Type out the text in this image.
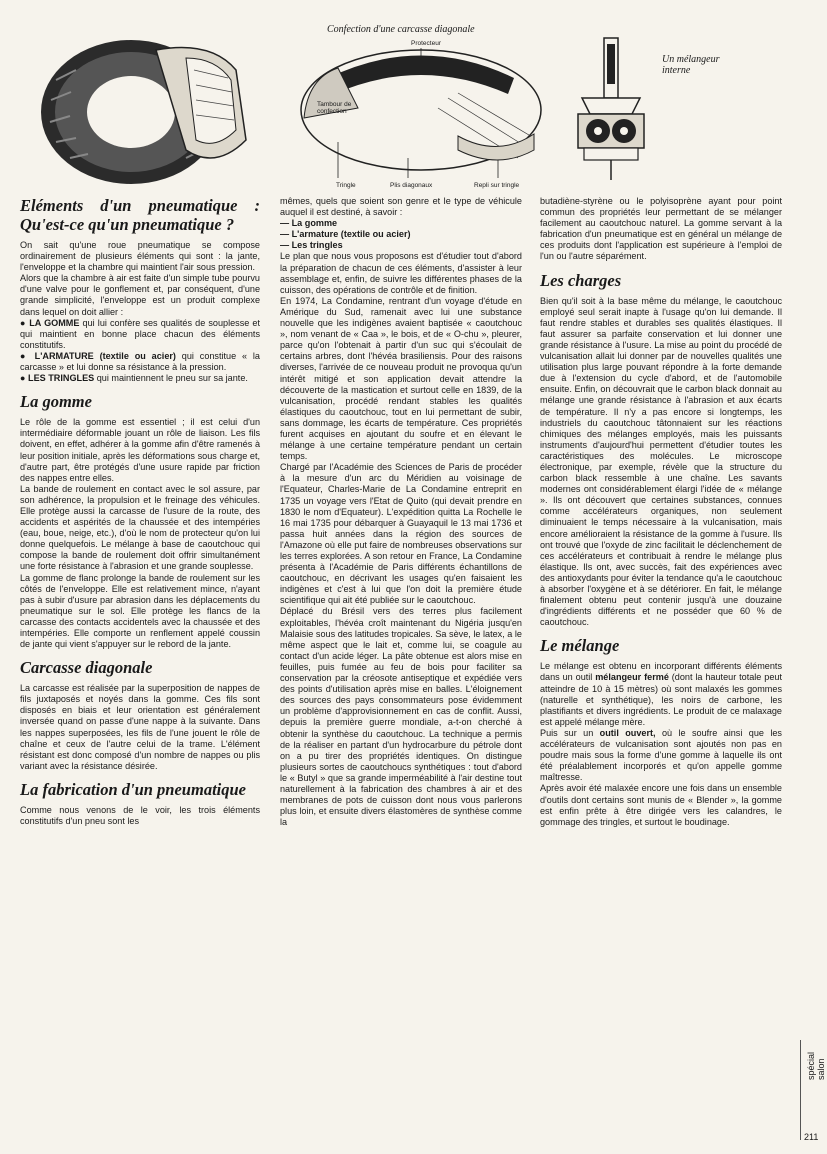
Confection d'une carcasse diagonale
Protecteur
Tambour de confection
Tringle	Plis diagonaux	Repli sur tringle
Un mélangeur interne
Eléments d'un pneumatique : Qu'est-ce qu'un pneumatique ?

On sait qu'une roue pneumatique se compose ordinairement de plusieurs éléments qui sont : la jante, l'enveloppe et la chambre qui maintient l'air sous pression.

Alors que la chambre à air est faite d'un simple tube pourvu d'une valve pour le gonflement et, par conséquent, d'une grande simplicité, l'enveloppe est un produit complexe dans lequel on doit allier :

● LA GOMME qui lui confère ses qualités de souplesse et qui maintient en bonne place chacun des éléments constitutifs.
● L'ARMATURE (textile ou acier) qui constitue « la carcasse » et lui donne sa résistance à la pression.
● LES TRINGLES qui maintiennent le pneu sur sa jante.
La gomme

Le rôle de la gomme est essentiel ; il est celui d'un intermédiaire déformable jouant un rôle de liaison. Les fils doivent, en effet, adhérer à la gomme afin d'être ramenés à leur position initiale, après les déformations sous charge et, d'autre part, être protégés d'une usure rapide par friction des nappes entre elles.

La bande de roulement en contact avec le sol assure, par son adhérence, la propulsion et le freinage des véhicules. Elle protège aussi la carcasse de l'usure de la route, des accidents et aspérités de la chaussée et des intempéries (eau, boue, neige, etc.), d'où le nom de protecteur qu'on lui donne quelquefois. Le mélange à base de caoutchouc qui compose la bande de roulement doit offrir simultanément une forte résistance à l'abrasion et une grande souplesse.

La gomme de flanc prolonge la bande de roulement sur les côtés de l'enveloppe. Elle est relativement mince, n'ayant pas à subir d'usure par abrasion dans les déplacements du pneumatique sur le sol. Elle protège les flancs de la carcasse des contacts accidentels avec la chaussée et des intempéries. Elle comporte un renflement appelé coussin de jante qui vient s'appuyer sur le rebord de la jante.

Carcasse diagonale

La carcasse est réalisée par la superposition de nappes de fils juxtaposés et noyés dans la gomme. Ces fils sont disposés en biais et leur orientation est généralement inversée quand on passe d'une nappe à la suivante. Dans les nappes superposées, les fils de l'une jouent le rôle de chaîne et ceux de l'autre celui de la trame. L'élément résistant est donc composé d'un nombre de nappes ou plis variant avec la résistance désirée.

La fabrication d'un pneumatique

Comme nous venons de le voir, les trois éléments constitutifs d'un pneu sont les

mêmes, quels que soient son genre et le type de véhicule auquel il est destiné, à savoir :

— La gomme
— L'armature (textile ou acier)
— Les tringles

Le plan que nous vous proposons est d'étudier tout d'abord la préparation de chacun de ces éléments, d'assister à leur assemblage et, enfin, de suivre les différentes phases de la cuisson, des opérations de contrôle et de finition.

En 1974, La Condamine, rentrant d'un voyage d'étude en Amérique du Sud, ramenait avec lui une substance nouvelle que les indigènes avaient baptisée « caoutchouc », nom venant de « Caa », le bois, et de « O-chu », pleurer, parce qu'on l'obtenait à partir d'un suc qui s'écoulait de certains arbres, dont l'hévéa brasiliensis. Pour des raisons diverses, l'arrivée de ce nouveau produit ne provoqua qu'un intérêt mitigé et son application devait attendre la découverte de la mastication et surtout celle en 1839, de la vulcanisation, procédé rendant stables les qualités élastiques du caoutchouc, tout en lui permettant de subir, sans dommage, les écarts de température. Ces propriétés furent acquises en ajoutant du soufre et en élevant le mélange à une certaine température pendant un certain temps.

Chargé par l'Académie des Sciences de Paris de procéder à la mesure d'un arc du Méridien au voisinage de l'Equateur, Charles-Marie de La Condamine entreprit en 1735 un voyage vers l'Etat de Quito (qui devait prendre en 1830 le nom d'Equateur). L'expédition quitta La Rochelle le 16 mai 1735 pour débarquer à Guayaquil le 13 mai 1736 et passa huit années dans la région des sources de l'Amazone où elle put faire de nombreuses observations sur les terres explorées. A son retour en France, La Condamine présenta à l'Académie de Paris différents échantillons de caoutchouc, en décrivant les usages qu'en faisaient les indigènes et c'est à lui que l'on doit la première étude scientifique qui ait été publiée sur le caoutchouc.

Déplacé du Brésil vers des terres plus facilement exploitables, l'hévéa croît maintenant du Nigéria jusqu'en Malaisie sous des latitudes tropicales. Sa sève, le latex, a le même aspect que le lait et, comme lui, se coagule au contact d'un acide léger. La pâte obtenue est alors mise en feuilles, puis fumée au feu de bois pour faciliter sa conservation par la créosote antiseptique et expédiée vers des points d'utilisation après mise en balles. L'éloignement des sources des pays consommateurs pose évidemment un problème d'approvisionnement en cas de conflit. Aussi, depuis la première guerre mondiale, a-t-on cherché à obtenir la synthèse du caoutchouc. La technique a permis de la réaliser en partant d'un hydrocarbure du pétrole dont on a pu tirer des propriétés identiques. On distingue plusieurs sortes de caoutchoucs synthétiques : tout d'abord le « Butyl » que sa grande imperméabilité à l'air destine tout naturellement à la fabrication des chambres à air et des membranes de pots de cuisson dont nous vous parlerons plus loin, et ensuite divers élastomères de synthèse comme la

butadiène-styrène ou le polyisoprène ayant pour point commun des propriétés leur permettant de se mélanger facilement au caoutchouc naturel. La gomme servant à la fabrication d'un pneumatique est en général un mélange de ces produits dont l'application est supérieure à l'emploi de l'un ou l'autre séparément.

Les charges

Bien qu'il soit à la base même du mélange, le caoutchouc employé seul serait inapte à l'usage qu'on lui demande. Il faut rendre stables et durables ses qualités élastiques. Il faut assurer sa parfaite conservation et lui donner une grande résistance à l'usure. La mise au point du procédé de vulcanisation allait lui donner par de nouvelles qualités une utilisation plus large pouvant répondre à la forte demande due à l'extension du cycle d'abord, et de l'automobile ensuite. Enfin, on découvrait que le carbon black donnait au mélange une grande résistance à l'abrasion et aux écarts de température. Il n'y a pas encore si longtemps, les industriels du caoutchouc tâtonnaient sur les réactions chimiques des mélanges employés, mais les puissants instruments d'aujourd'hui permettent d'étudier toutes les caractéristiques des molécules. Le microscope électronique, par exemple, révèle que la structure du carbon black ressemble à une chaîne. Les savants modernes ont considérablement élargi l'idée de « mélange ». Ils ont découvert que certaines substances, connues comme accélérateurs organiques, non seulement diminuaient le temps nécessaire à la vulcanisation, mais encore amélioraient la résistance de la gomme à l'usure. Ils ont trouvé que l'oxyde de zinc facilitait le déclenchement de ces accélérateurs et contribuait à rendre le mélange plus élastique. Ils ont, avec succès, fait des expériences avec des antioxydants pour éviter la tendance qu'a le caoutchouc à absorber l'oxygène et à se détériorer. En fait, le mélange finalement obtenu peut contenir jusqu'à une douzaine d'ingrédients différents et ne posséder que 60 % de caoutchouc.

Le mélange

Le mélange est obtenu en incorporant différents éléments dans un outil mélangeur fermé (dont la hauteur totale peut atteindre de 10 à 15 mètres) où sont malaxés les gommes (naturelle et synthétique), les noirs de carbone, les plastifiants et divers ingrédients. Le produit de ce malaxage est appelé mélange mère.

Puis sur un outil ouvert, où le soufre ainsi que les accélérateurs de vulcanisation sont ajoutés non pas en poudre mais sous la forme d'une gomme à laquelle ils ont été préalablement incorporés et qu'on appelle gomme maîtresse.

Après avoir été malaxée encore une fois dans un ensemble d'outils dont certains sont munis de « Blender », la gomme est enfin prête à être dirigée vers les calandres, le gommage des tringles, et surtout le boudinage.

spécial salon
211
